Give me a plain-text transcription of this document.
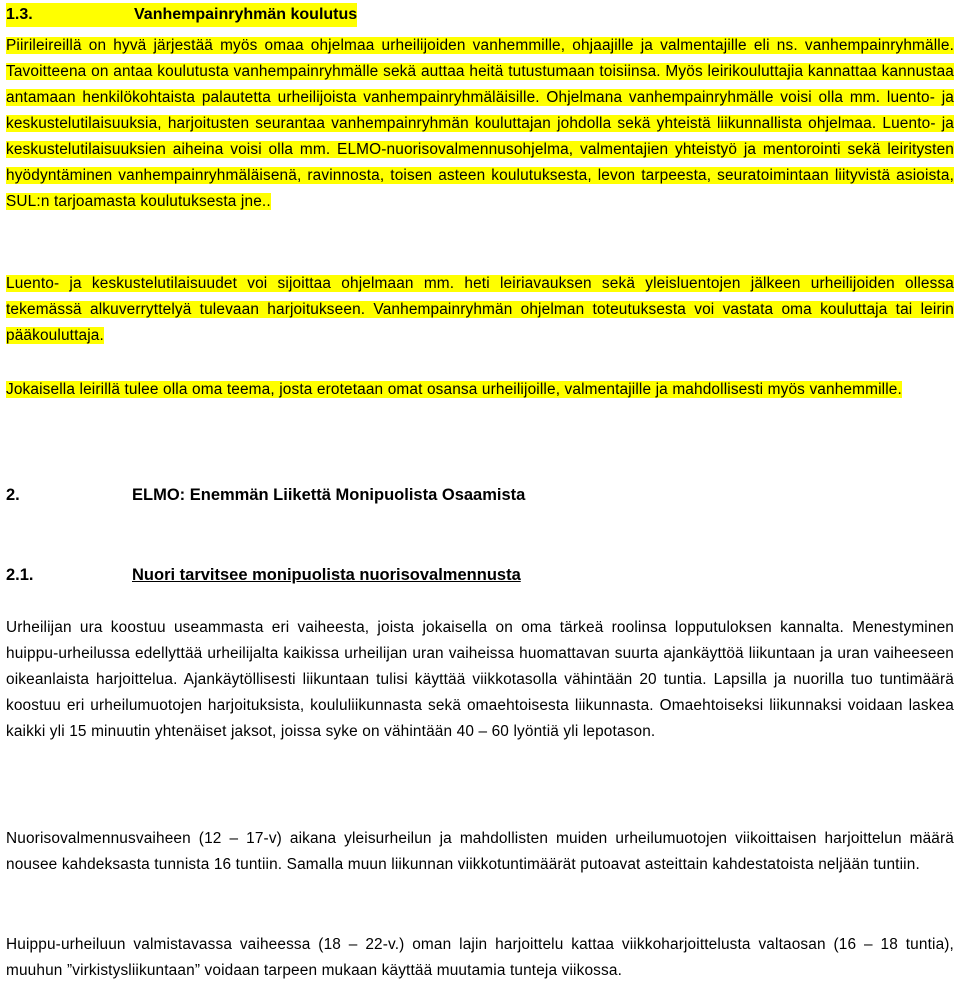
1.3.	Vanhempainryhmän koulutus

Piirileireillä on hyvä järjestää myös omaa ohjelmaa urheilijoiden vanhemmille, ohjaajille ja valmentajille eli ns. vanhempainryhmälle. Tavoitteena on antaa koulutusta vanhempainryhmälle sekä auttaa heitä tutustumaan toisiinsa. Myös leirikouluttajia kannattaa kannustaa antamaan henkilökohtaista palautetta urheilijoista vanhempainryhmäläisille. Ohjelmana vanhempainryhmälle voisi olla mm. luento- ja keskustelutilaisuuksia, harjoitusten seurantaa vanhempainryhmän kouluttajan johdolla sekä yhteistä liikunnallista ohjelmaa. Luento- ja keskustelutilaisuuksien aiheina voisi olla mm. ELMO-nuorisovalmennusohjelma, valmentajien yhteistyö ja mentorointi sekä leiritysten hyödyntäminen vanhempainryhmäläisenä, ravinnosta, toisen asteen koulutuksesta, levon tarpeesta, seuratoimintaan liityvistä asioista, SUL:n tarjoamasta koulutuksesta jne..

Luento- ja keskustelutilaisuudet voi sijoittaa ohjelmaan mm. heti leiriavauksen sekä yleisluentojen jälkeen urheilijoiden ollessa tekemässä alkuverryttelyä tulevaan harjoitukseen. Vanhempainryhmän ohjelman toteutuksesta voi vastata oma kouluttaja tai leirin pääkouluttaja.

Jokaisella leirillä tulee olla oma teema, josta erotetaan omat osansa urheilijoille, valmentajille ja mahdollisesti myös vanhemmille.

2.	ELMO: Enemmän Liikettä Monipuolista Osaamista
2.1.	Nuori tarvitsee monipuolista nuorisovalmennusta

Urheilijan ura koostuu useammasta eri vaiheesta, joista jokaisella on oma tärkeä roolinsa lopputuloksen kannalta. Menestyminen huippu-urheilussa edellyttää urheilijalta kaikissa urheilijan uran vaiheissa huomattavan suurta ajankäyttöä liikuntaan ja uran vaiheeseen oikeanlaista harjoittelua. Ajankäytöllisesti liikuntaan tulisi käyttää viikkotasolla vähintään 20 tuntia. Lapsilla ja nuorilla tuo tuntimäärä koostuu eri urheilumuotojen harjoituksista, koululiikunnasta sekä omaehtoisesta liikunnasta. Omaehtoiseksi liikunnaksi voidaan laskea kaikki yli 15 minuutin yhtenäiset jaksot, joissa syke on vähintään 40 – 60 lyöntiä yli lepotason.

Nuorisovalmennusvaiheen (12 – 17-v) aikana yleisurheilun ja mahdollisten muiden urheilumuotojen viikoittaisen harjoittelun määrä nousee kahdeksasta tunnista 16 tuntiin. Samalla muun liikunnan viikkotuntimäärät putoavat asteittain kahdestatoista neljään tuntiin.

Huippu-urheiluun valmistavassa vaiheessa (18 – 22-v.) oman lajin harjoittelu kattaa viikkoharjoittelusta valtaosan (16 – 18 tuntia), muuhun ”virkistysliikuntaan” voidaan tarpeen mukaan käyttää muutamia tunteja viikossa.
